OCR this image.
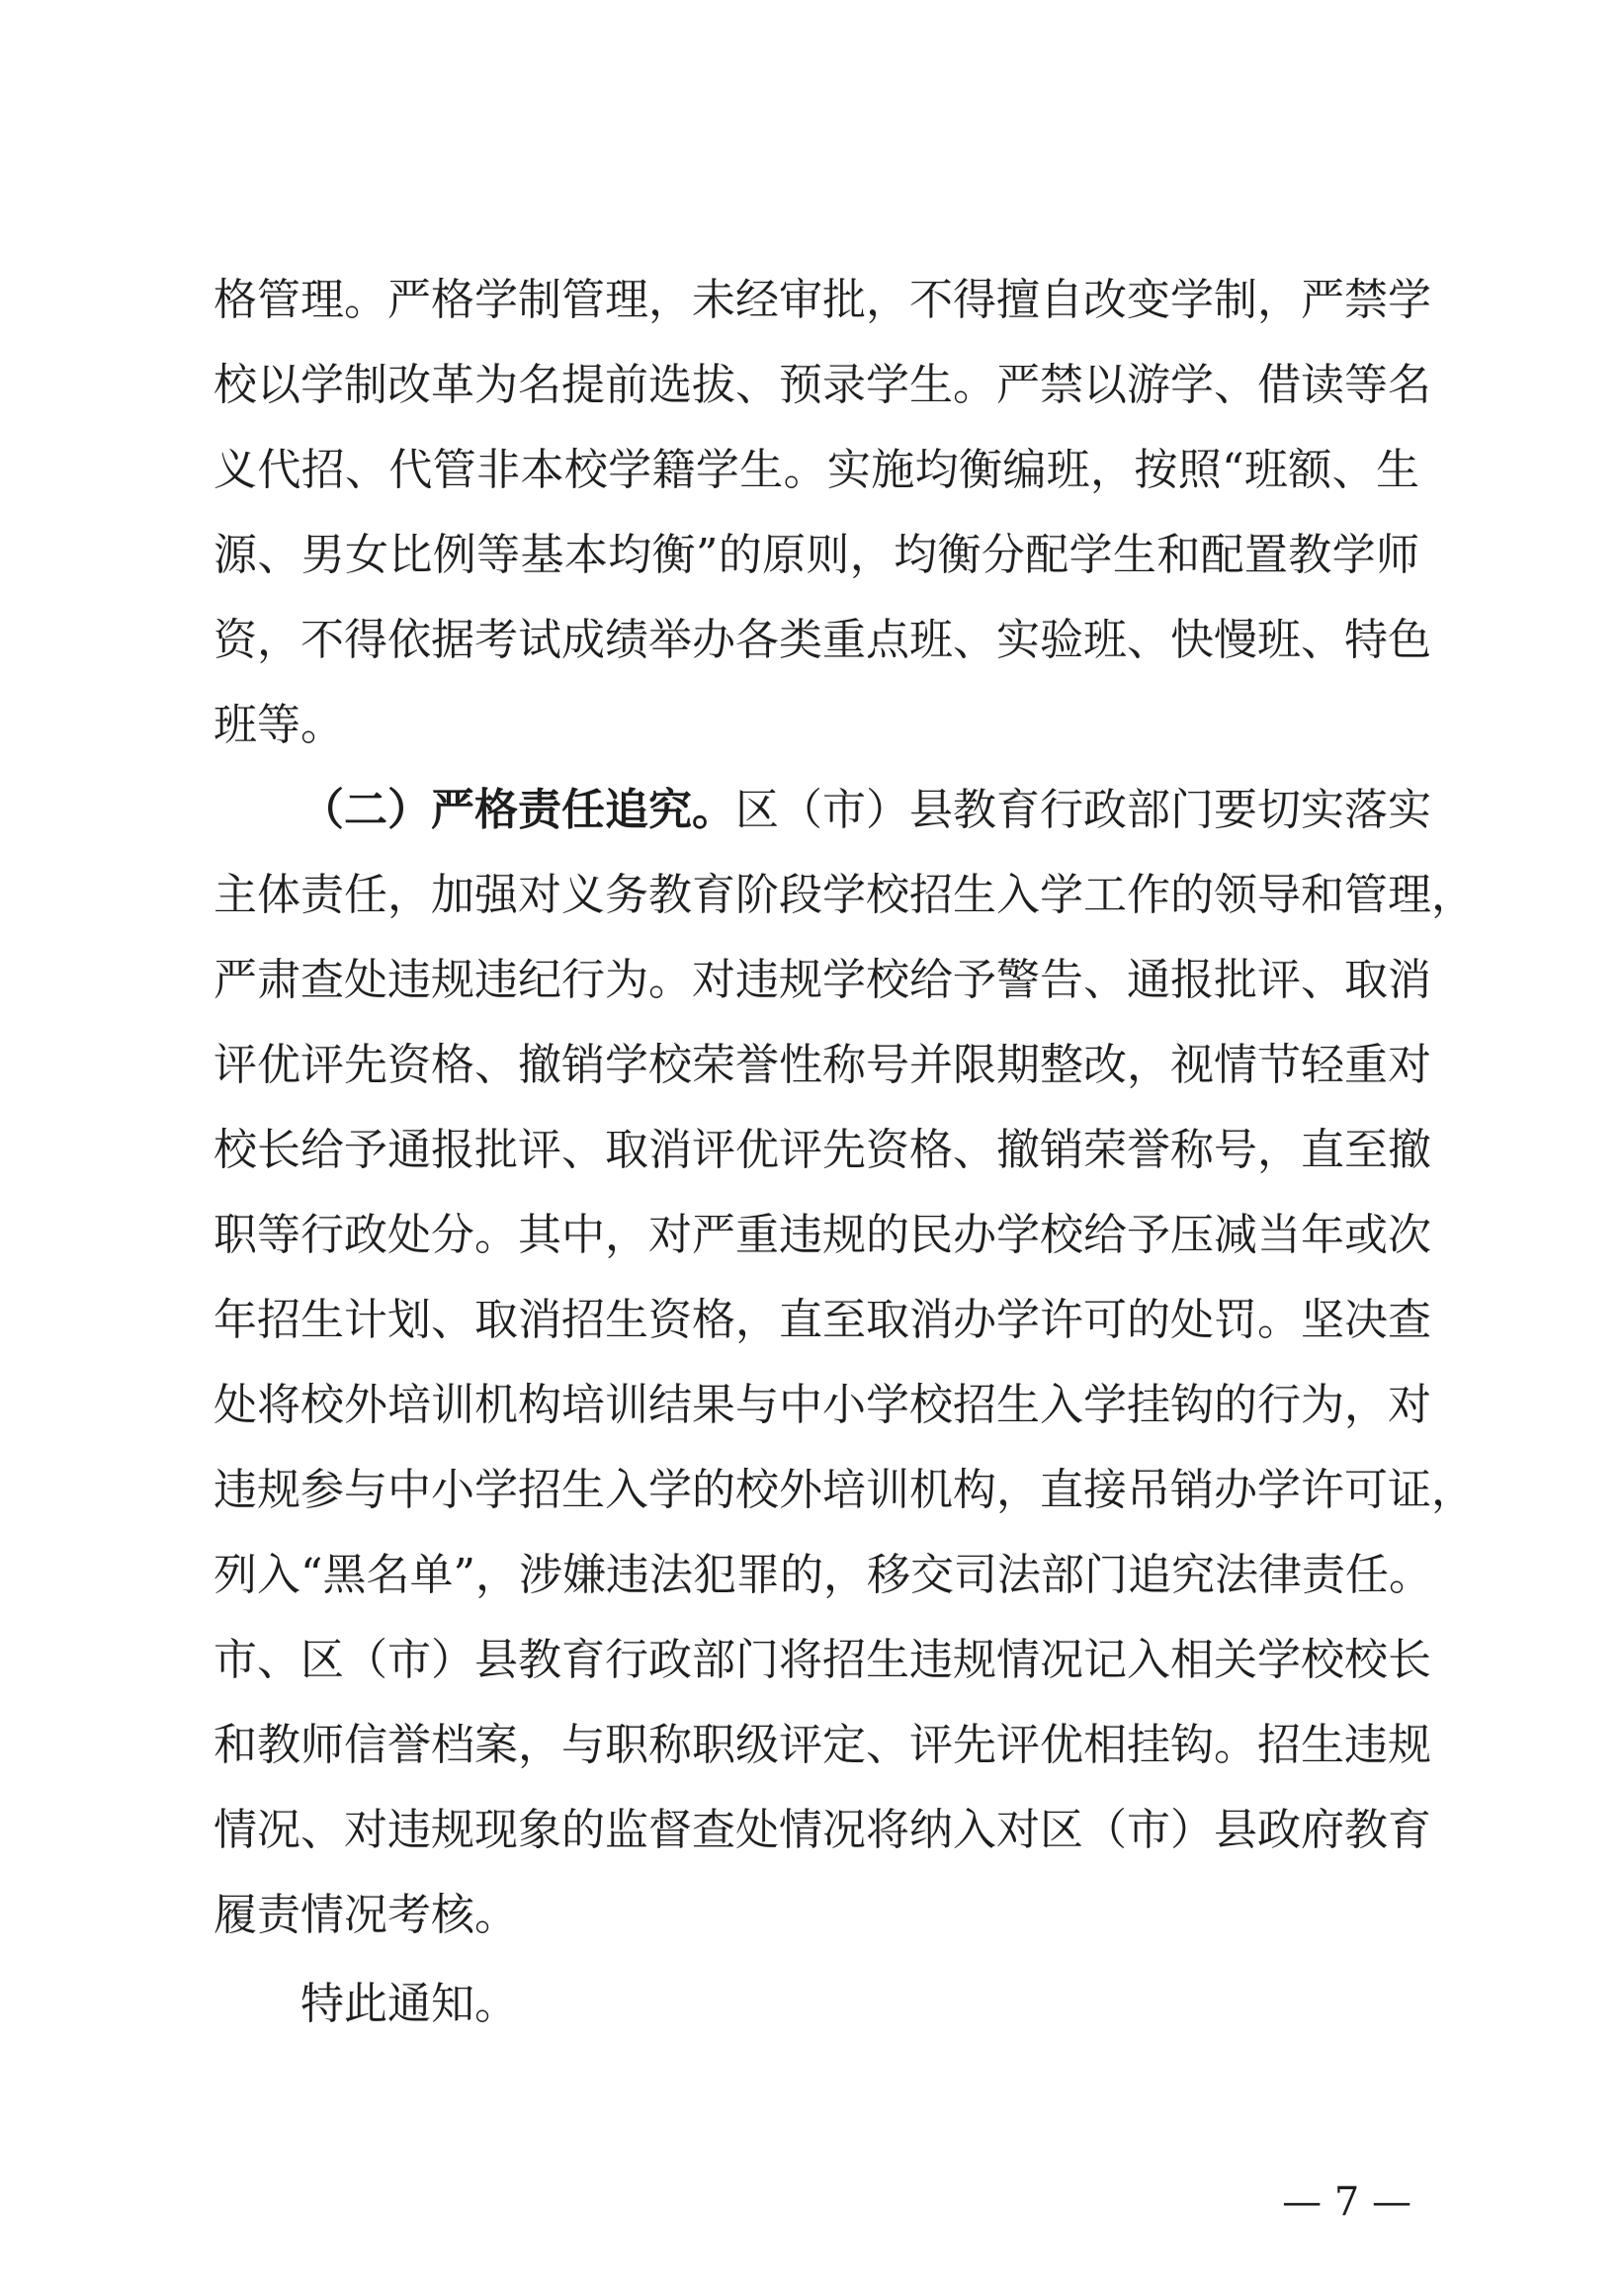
格管理。严格学制管理，未经审批，不得擅自改变学制，严禁学

校以学制改革为名提前选拔、预录学生。严禁以游学、借读等名

义代招、代管非本校学籍学生。实施均衡编班，按照“班额、生

源、男女比例等基本均衡”的原则，均衡分配学生和配置教学师

资，不得依据考试成绩举办各类重点班、实验班、快慢班、特色

班等。

（二）严格责任追究。区（市）县教育行政部门要切实落实

主体责任，加强对义务教育阶段学校招生入学工作的领导和管理，

严肃查处违规违纪行为。对违规学校给予警告、通报批评、取消

评优评先资格、撤销学校荣誉性称号并限期整改，视情节轻重对

校长给予通报批评、取消评优评先资格、撤销荣誉称号，直至撤

职等行政处分。其中，对严重违规的民办学校给予压减当年或次

年招生计划、取消招生资格，直至取消办学许可的处罚。坚决查

处将校外培训机构培训结果与中小学校招生入学挂钩的行为，对

违规参与中小学招生入学的校外培训机构，直接吊销办学许可证，

列入“黑名单”，涉嫌违法犯罪的，移交司法部门追究法律责任。

市、区（市）县教育行政部门将招生违规情况记入相关学校校长

和教师信誉档案，与职称职级评定、评先评优相挂钩。招生违规

情况、对违规现象的监督查处情况将纳入对区（市）县政府教育

履责情况考核。

特此通知。

— 7 —
